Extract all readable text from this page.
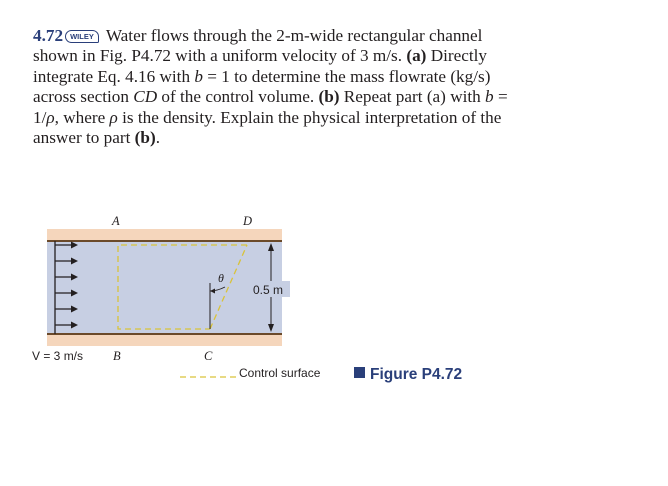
4.72 WILEY Water flows through the 2-m-wide rectangular channel shown in Fig. P4.72 with a uniform velocity of 3 m/s. (a) Directly integrate Eq. 4.16 with b = 1 to determine the mass flowrate (kg/s) across section CD of the control volume. (b) Repeat part (a) with b = 1/ρ, where ρ is the density. Explain the physical interpretation of the answer to part (b).
0.5 m
A	D
θ
V = 3 m/s B	C
Control surface	Figure P4.72
